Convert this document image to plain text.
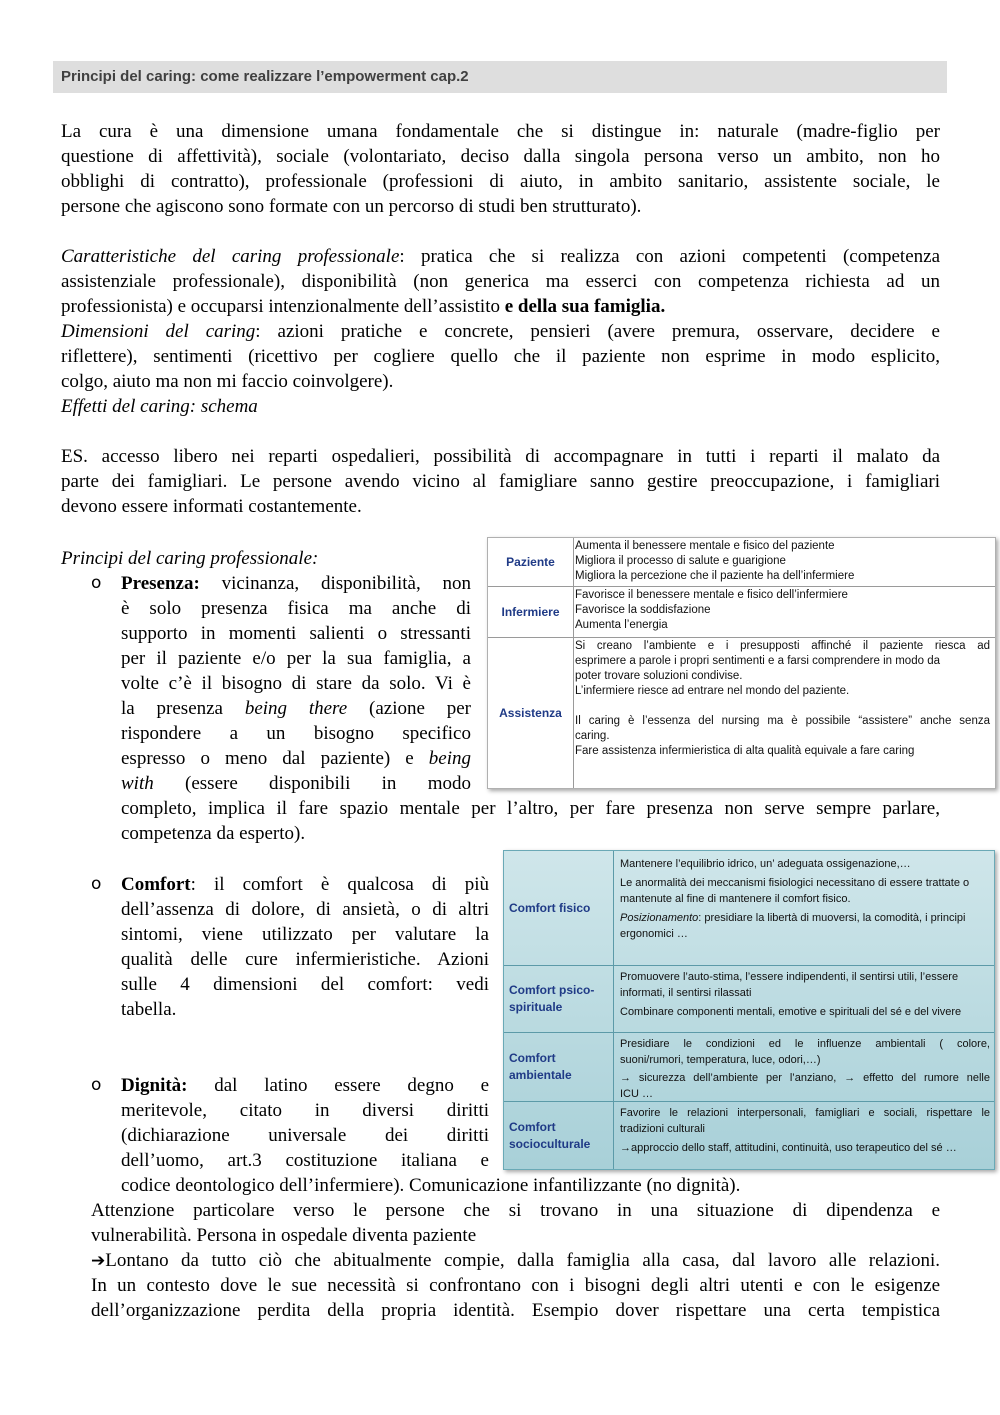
Principi del caring: come realizzare l’empowerment cap.2
La cura è una dimensione umana fondamentale che si distingue in: naturale (madre-figlio per
questione di affettività), sociale (volontariato, deciso dalla singola persona verso un ambito, non ho
obblighi di contratto), professionale (professioni di aiuto, in ambito sanitario, assistente sociale, le
persone che agiscono sono formate con un percorso di studi ben strutturato).
Caratteristiche del caring professionale: pratica che si realizza con azioni competenti (competenza
assistenziale professionale), disponibilità (non generica ma esserci con competenza richiesta ad un
professionista) e occuparsi intenzionalmente dell’assistito e della sua famiglia.
Dimensioni del caring: azioni pratiche e concrete, pensieri (avere premura, osservare, decidere e
riflettere), sentimenti (ricettivo per cogliere quello che il paziente non esprime in modo esplicito,
colgo, aiuto ma non mi faccio coinvolgere).
Effetti del caring: schema
ES. accesso libero nei reparti ospedalieri, possibilità di accompagnare in tutti i reparti il malato da
parte dei famigliari. Le persone avendo vicino al famigliare sanno gestire preoccupazione, i famigliari
devono essere informati costantemente.
Principi del caring professionale:
o Presenza: vicinanza, disponibilità, non
è solo presenza fisica ma anche di
supporto in momenti salienti o stressanti
per il paziente e/o per la sua famiglia, a
volte c’è il bisogno di stare da solo. Vi è
la presenza being there (azione per
rispondere a un bisogno specifico
espresso o meno dal paziente) e being
with (essere disponibili in modo
completo, implica il fare spazio mentale per l’altro, per fare presenza non serve sempre parlare,
competenza da esperto).
o Comfort: il comfort è qualcosa di più
dell’assenza di dolore, di ansietà, o di altri
sintomi, viene utilizzato per valutare la
qualità delle cure infermieristiche. Azioni
sulle 4 dimensioni del comfort: vedi
tabella.
o Dignità: dal latino essere degno e
meritevole, citato in diversi diritti
(dichiarazione universale dei diritti
dell’uomo, art.3 costituzione italiana e
codice deontologico dell’infermiere). Comunicazione infantilizzante (no dignità).
Attenzione particolare verso le persone che si trovano in una situazione di dipendenza e
vulnerabilità. Persona in ospedale diventa paziente
➔Lontano da tutto ciò che abitualmente compie, dalla famiglia alla casa, dal lavoro alle relazioni.
In un contesto dove le sue necessità si confrontano con i bisogni degli altri utenti e con le esigenze
dell’organizzazione perdita della propria identità. Esempio dover rispettare una certa tempistica
Paziente
Aumenta il benessere mentale e fisico del paziente
Migliora il processo di salute e guarigione
Migliora la percezione che il paziente ha dell’infermiere
Infermiere
Favorisce il benessere mentale e fisico dell’infermiere
Favorisce la soddisfazione
Aumenta l’energia
Assistenza
Si creano l’ambiente e i presupposti affinché il paziente riesca ad
esprimere a parole i propri sentimenti e a farsi comprendere in modo da
poter trovare soluzioni condivise.
L’infermiere riesce ad entrare nel mondo del paziente.
Il caring è l’essenza del nursing ma è possibile “assistere” anche senza
caring.
Fare assistenza infermieristica di alta qualità equivale a fare caring
Comfort fisico
Mantenere l’equilibrio idrico, un’ adeguata ossigenazione,…
Le anormalità dei meccanismi fisiologici necessitano di essere trattate o
mantenute al fine di mantenere il comfort fisico.
Posizionamento: presidiare la libertà di muoversi, la comodità, i principi
ergonomici …
Comfort psico-
spirituale
Promuovere l’auto-stima, l’essere indipendenti, il sentirsi utili, l’essere
informati, il sentirsi rilassati
Combinare componenti mentali, emotive e spirituali del sé e del vivere
Comfort
ambientale
Presidiare le condizioni ed le influenze ambientali ( colore,
suoni/rumori, temperatura, luce, odori,…)
→ sicurezza dell’ambiente per l’anziano, → effetto del rumore nelle
ICU …
Comfort
socioculturale
Favorire le relazioni interpersonali, famigliari e sociali, rispettare le
tradizioni culturali
→approccio dello staff, attitudini, continuità, uso terapeutico del sé …
